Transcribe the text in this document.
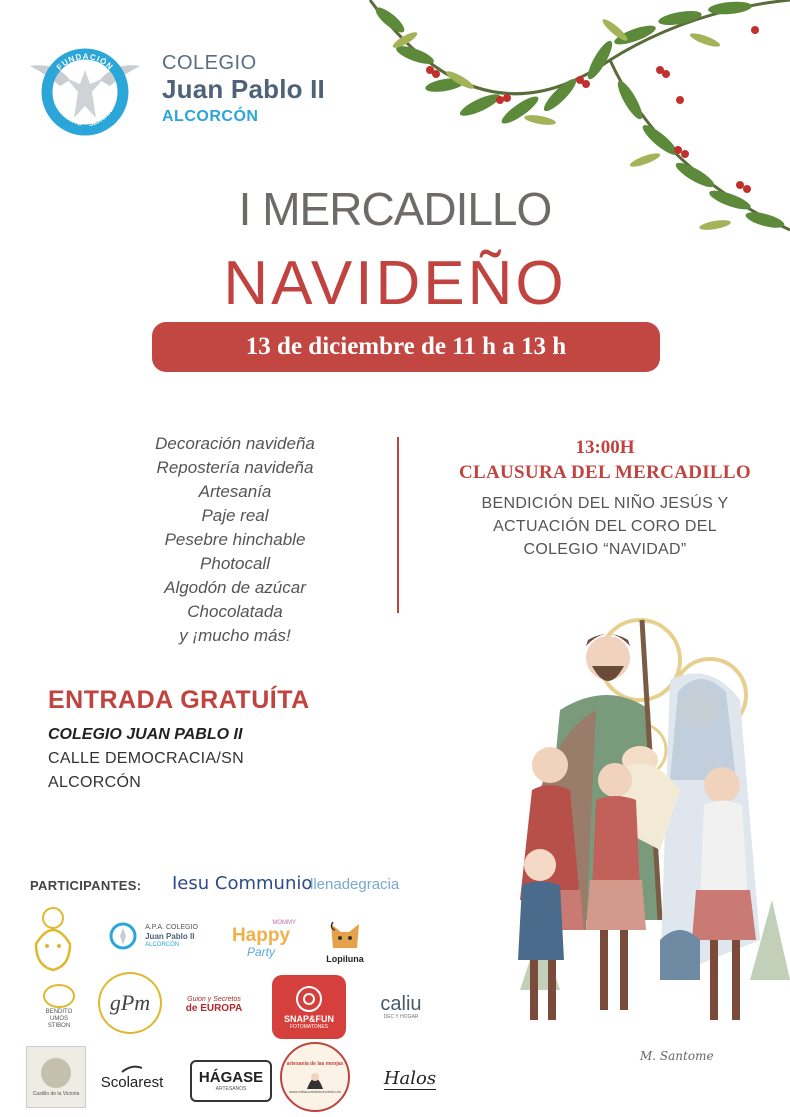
FUNDACIÓN
EDUCATIO SERVANDA
COLEGIO
Juan Pablo II
ALCORCÓN
I MERCADILLO
NAVIDEÑO
13 de diciembre de 11 h a 13 h
Decoración navideña
Repostería navideña
Artesanía
Paje real
Pesebre hinchable
Photocall
Algodón de azúcar
Chocolatada
y ¡mucho más!
13:00H
CLAUSURA DEL MERCADILLO
BENDICIÓN DEL NIÑO JESÚS Y
ACTUACIÓN DEL CORO DEL
COLEGIO “NAVIDAD”
ENTRADA GRATUÍTA
COLEGIO JUAN PABLO II
CALLE DEMOCRACIA/SN
ALCORCÓN
M. Santome
PARTICIPANTES: Iesu Communio
llenadegracia
A.P.A. COLEGIO
Juan Pablo II
ALCORCÓN
MOMMY
Happy
Party	Lopiluna
BENDITO UMOS STIBON
gPm	Guion y Secretos
de EUROPA
SNAP&FUN
FOTOMATONES
caliu
DEC Y HOGAR
Castillo de la Victoria
Scolarest HÁGASE
ARTESANOS
artesania de las monjas
www.elbaucardelconvento.es
Halos
